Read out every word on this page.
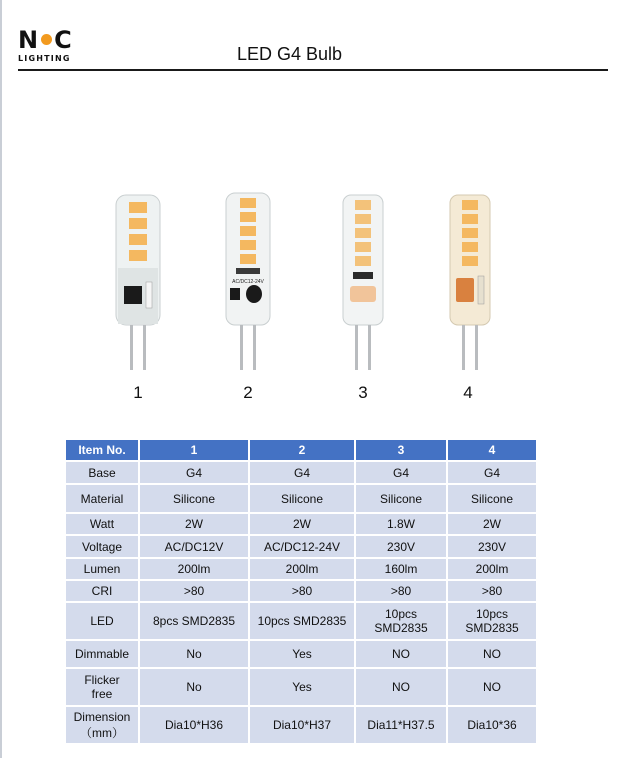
N C
LIGHTING	LED G4 Bulb
AC/DC12-24V
1	2	3	4
Item No.	1	2	3	4
Base	G4	G4	G4	G4
Material	Silicone	Silicone	Silicone	Silicone
Watt	2W	2W	1.8W	2W
Voltage	AC/DC12V	AC/DC12-24V	230V	230V
Lumen	200lm	200lm	160lm	200lm
CRI	>80	>80	>80	>80
LED	8pcs SMD2835	10pcs SMD2835	10pcs SMD2835	10pcs SMD2835
Dimmable	No	Yes	NO	NO
Flicker free	No	Yes	NO	NO
Dimension（mm）	Dia10*H36	Dia10*H37	Dia11*H37.5	Dia10*36
